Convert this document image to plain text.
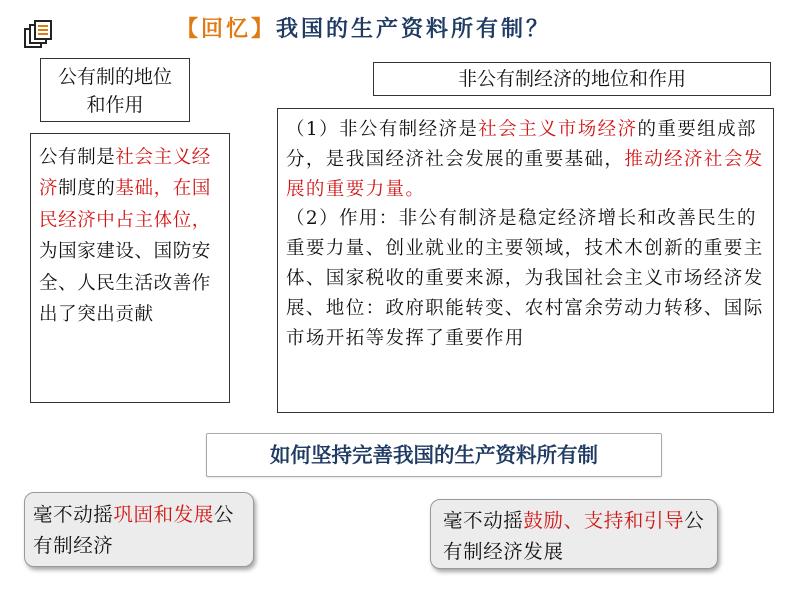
【回忆】我国的生产资料所有制？
公有制的地位和作用
非公有制经济的地位和作用
公有制是社会主义经济制度的基础，在国民经济中占主体位，为国家建设、国防安全、人民生活改善作出了突出贡献
（1）非公有制经济是社会主义市场经济的重要组成部分，是我国经济社会发展的重要基础，推动经济社会发展的重要力量。
（2）作用：非公有制济是稳定经济增长和改善民生的重要力量、创业就业的主要领域，技术木创新的重要主体、国家税收的重要来源，为我国社会主义市场经济发展、地位：政府职能转变、农村富余劳动力转移、国际市场开拓等发挥了重要作用
如何坚持完善我国的生产资料所有制
毫不动摇巩固和发展公有制经济
毫不动摇鼓励、支持和引导公有制经济发展
